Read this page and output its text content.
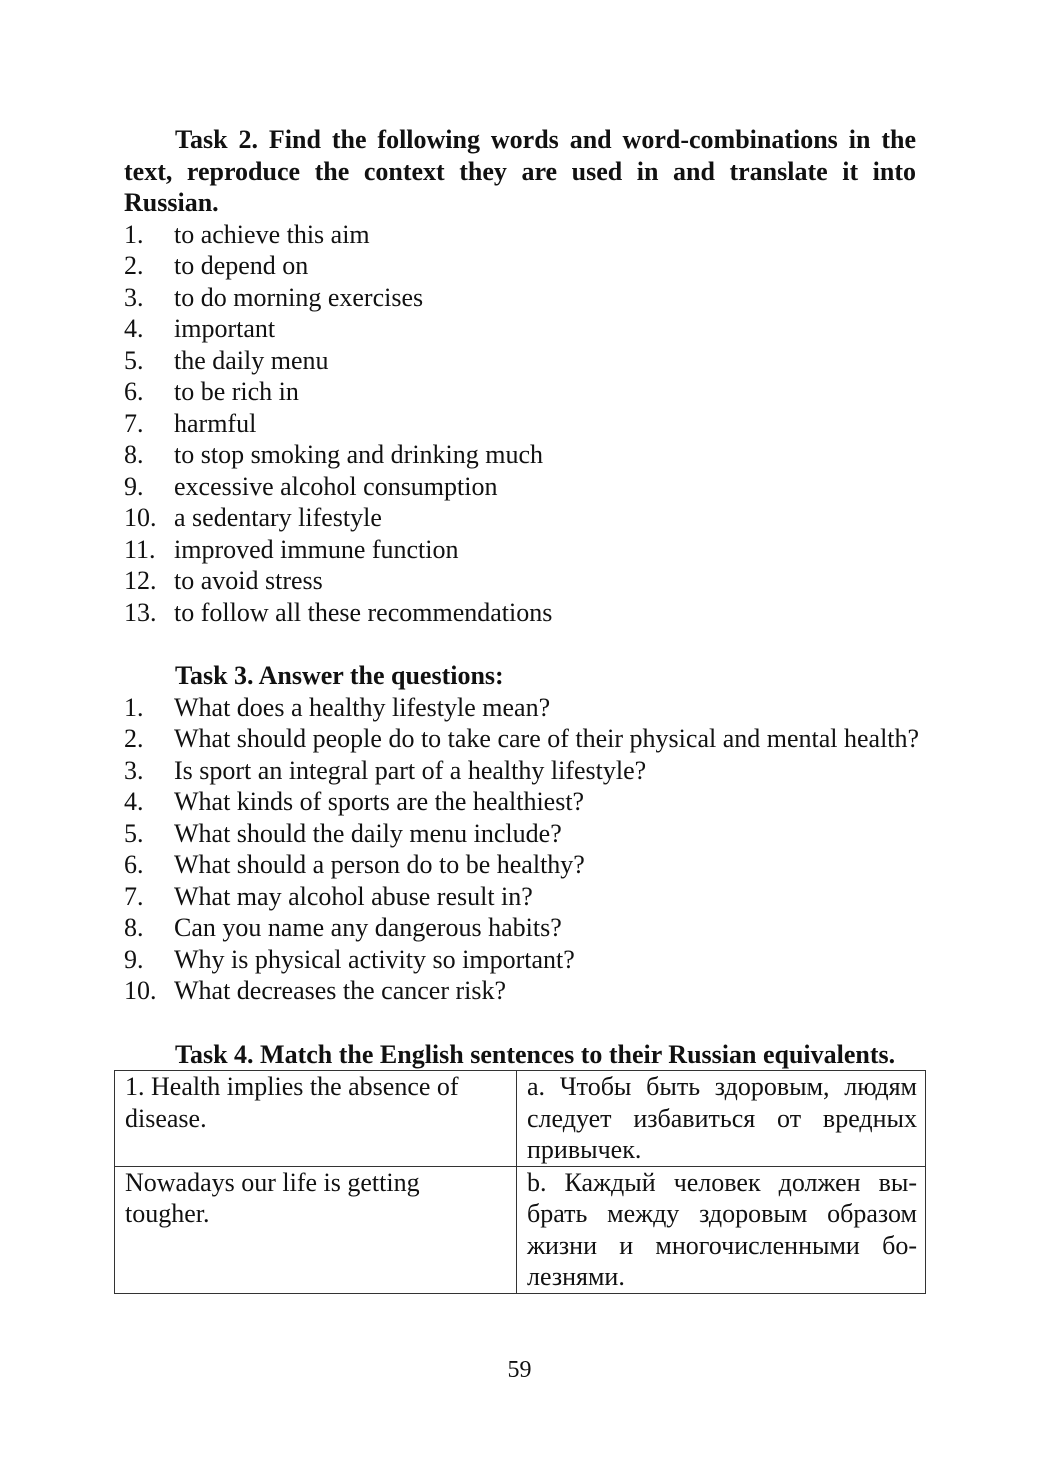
Task 2. Find the following words and word-combinations in the text, reproduce the context they are used in and translate it into Russian.

1.	to achieve this aim
2.	to depend on
3.	to do morning exercises
4.	important
5.	the daily menu
6.	to be rich in
7.	harmful
8.	to stop smoking and drinking much
9.	excessive alcohol consumption
10. a sedentary lifestyle
11. improved immune function
12. to avoid stress
13. to follow all these recommendations

Task 3. Answer the questions:

1.	What does a healthy lifestyle mean?
2.	What should people do to take care of their physical and mental health?
3.	Is sport an integral part of a healthy lifestyle?
4.	What kinds of sports are the healthiest?
5.	What should the daily menu include?
6.	What should a person do to be healthy?
7.	What may alcohol abuse result in?
8.	Can you name any dangerous habits?
9.	Why is physical activity so important?
10. What decreases the cancer risk?

Task 4. Match the English sentences to their Russian equivalents.

1. Health implies the absence of disease.	a. Чтобы быть здоровым, людям следует избавиться от вредных привычек.
Nowadays our life is getting tougher.	b. Каждый человек должен вы-брать между здоровым образом жизни и многочисленными бо-лезнями.
59
